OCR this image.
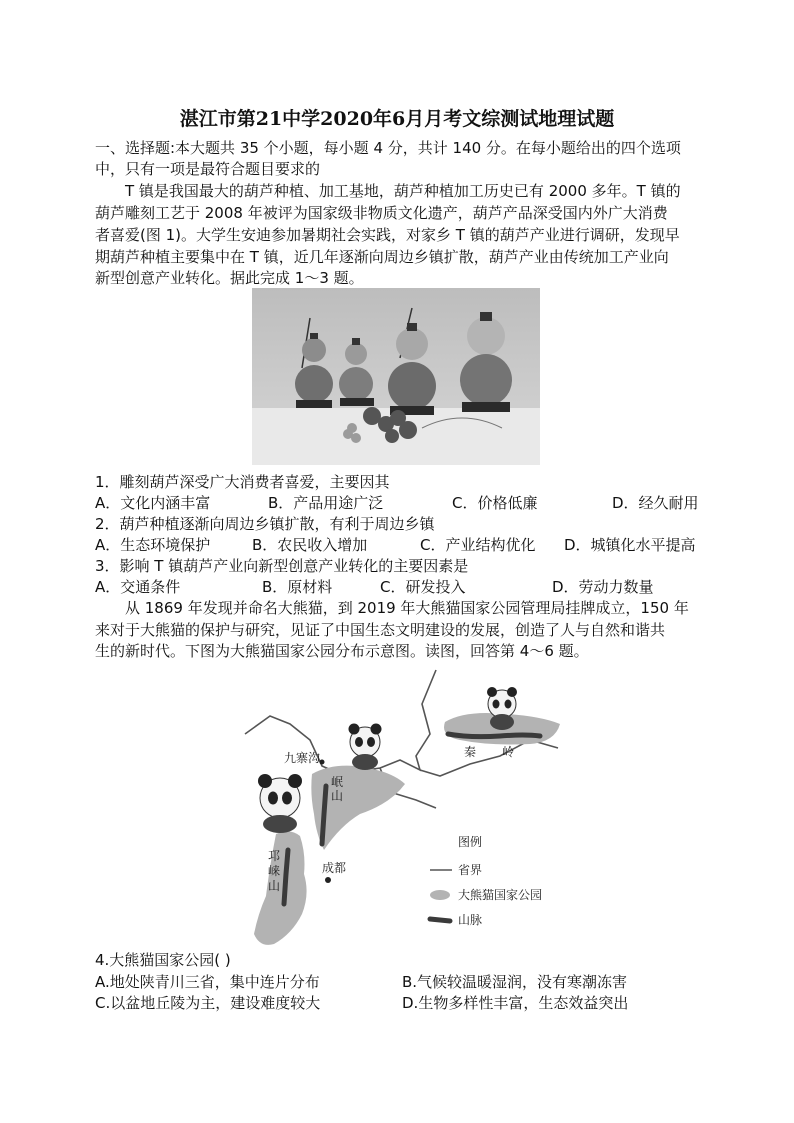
湛江市第21中学2020年6月月考文综测试地理试题
一、选择题:本大题共 35 个小题，每小题 4 分，共计 140 分。在每小题给出的四个选项
中，只有一项是最符合题目要求的
T 镇是我国最大的葫芦种植、加工基地，葫芦种植加工历史已有 2000 多年。T 镇的
葫芦雕刻工艺于 2008 年被评为国家级非物质文化遗产，葫芦产品深受国内外广大消费
者喜爱(图 1)。大学生安迪参加暑期社会实践，对家乡 T 镇的葫芦产业进行调研，发现早
期葫芦种植主要集中在 T 镇，近几年逐渐向周边乡镇扩散，葫芦产业由传统加工产业向
新型创意产业转化。据此完成 1～3 题。
1．雕刻葫芦深受广大消费者喜爱，主要因其
A．文化内涵丰富	B．产品用途广泛	C．价格低廉	D．经久耐用
2．葫芦种植逐渐向周边乡镇扩散，有利于周边乡镇
A．生态环境保护	B．农民收入增加	C．产业结构优化 D．城镇化水平提高
3．影响 T 镇葫芦产业向新型创意产业转化的主要因素是
A．交通条件	B．原材料	C．研发投入	D．劳动力数量
从 1869 年发现并命名大熊猫，到 2019 年大熊猫国家公园管理局挂牌成立，150 年
来对于大熊猫的保护与研究，见证了中国生态文明建设的发展，创造了人与自然和谐共
生的新时代。下图为大熊猫国家公园分布示意图。读图，回答第 4～6 题。
九寨沟
岷
山
秦 岭
邛
崃
山
成都
图例
省界
大熊猫国家公园
山脉
4.大熊猫国家公园( )
A.地处陕青川三省，集中连片分布	B.气候较温暖湿润，没有寒潮冻害
C.以盆地丘陵为主，建设难度较大	D.生物多样性丰富，生态效益突出
